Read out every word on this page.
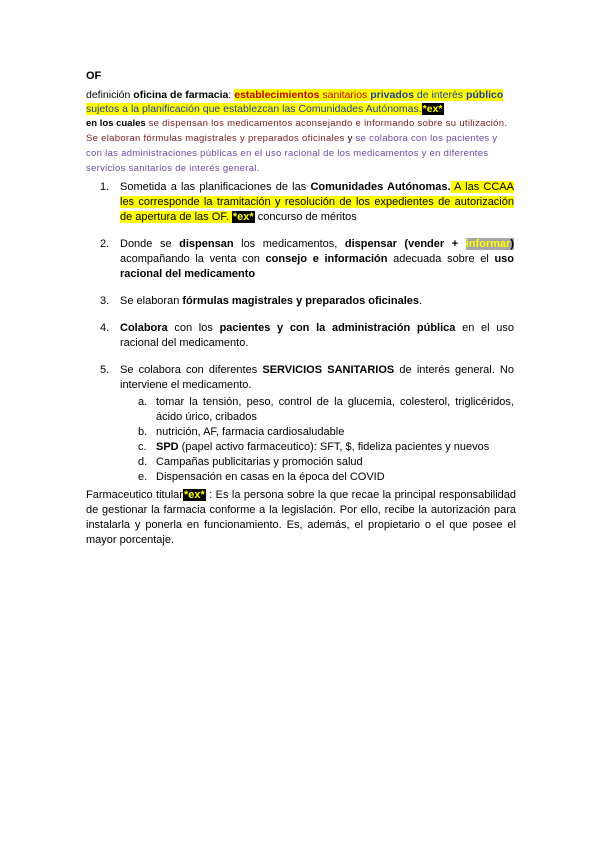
OF
definición oficina de farmacia: establecimientos sanitarios privados de interés público sujetos a la planificación que establezcan las Comunidades Autónomas.*ex*
en los cuales se dispensan los medicamentos aconsejando e informando sobre su utilización. Se elaboran fórmulas magistrales y preparados oficinales y se colabora con los pacientes y con las administraciones públicas en el uso racional de los medicamentos y en diferentes servicios sanitarios de interés general.
1. Sometida a las planificaciones de las Comunidades Autónomas. A las CCAA les corresponde la tramitación y resolución de los expedientes de autorización de apertura de las OF. *ex* concurso de méritos
2. Donde se dispensan los medicamentos, dispensar (vender + informar) acompañando la venta con consejo e información adecuada sobre el uso racional del medicamento
3. Se elaboran fórmulas magistrales y preparados oficinales.
4. Colabora con los pacientes y con la administración pública en el uso racional del medicamento.
5. Se colabora con diferentes SERVICIOS SANITARIOS de interés general. No interviene el medicamento.
a. tomar la tensión, peso, control de la glucemia, colesterol, triglicéridos, ácido úrico, cribados
b. nutrición, AF, farmacia cardiosaludable
c. SPD (papel activo farmaceutico): SFT, $, fideliza pacientes y nuevos
d. Campañas publicitarias y promoción salud
e. Dispensación en casas en la época del COVID
Farmaceutico titular*ex* : Es la persona sobre la que recae la principal responsabilidad de gestionar la farmacia conforme a la legislación. Por ello, recibe la autorización para instalarla y ponerla en funcionamiento. Es, además, el propietario o el que posee el mayor porcentaje.
